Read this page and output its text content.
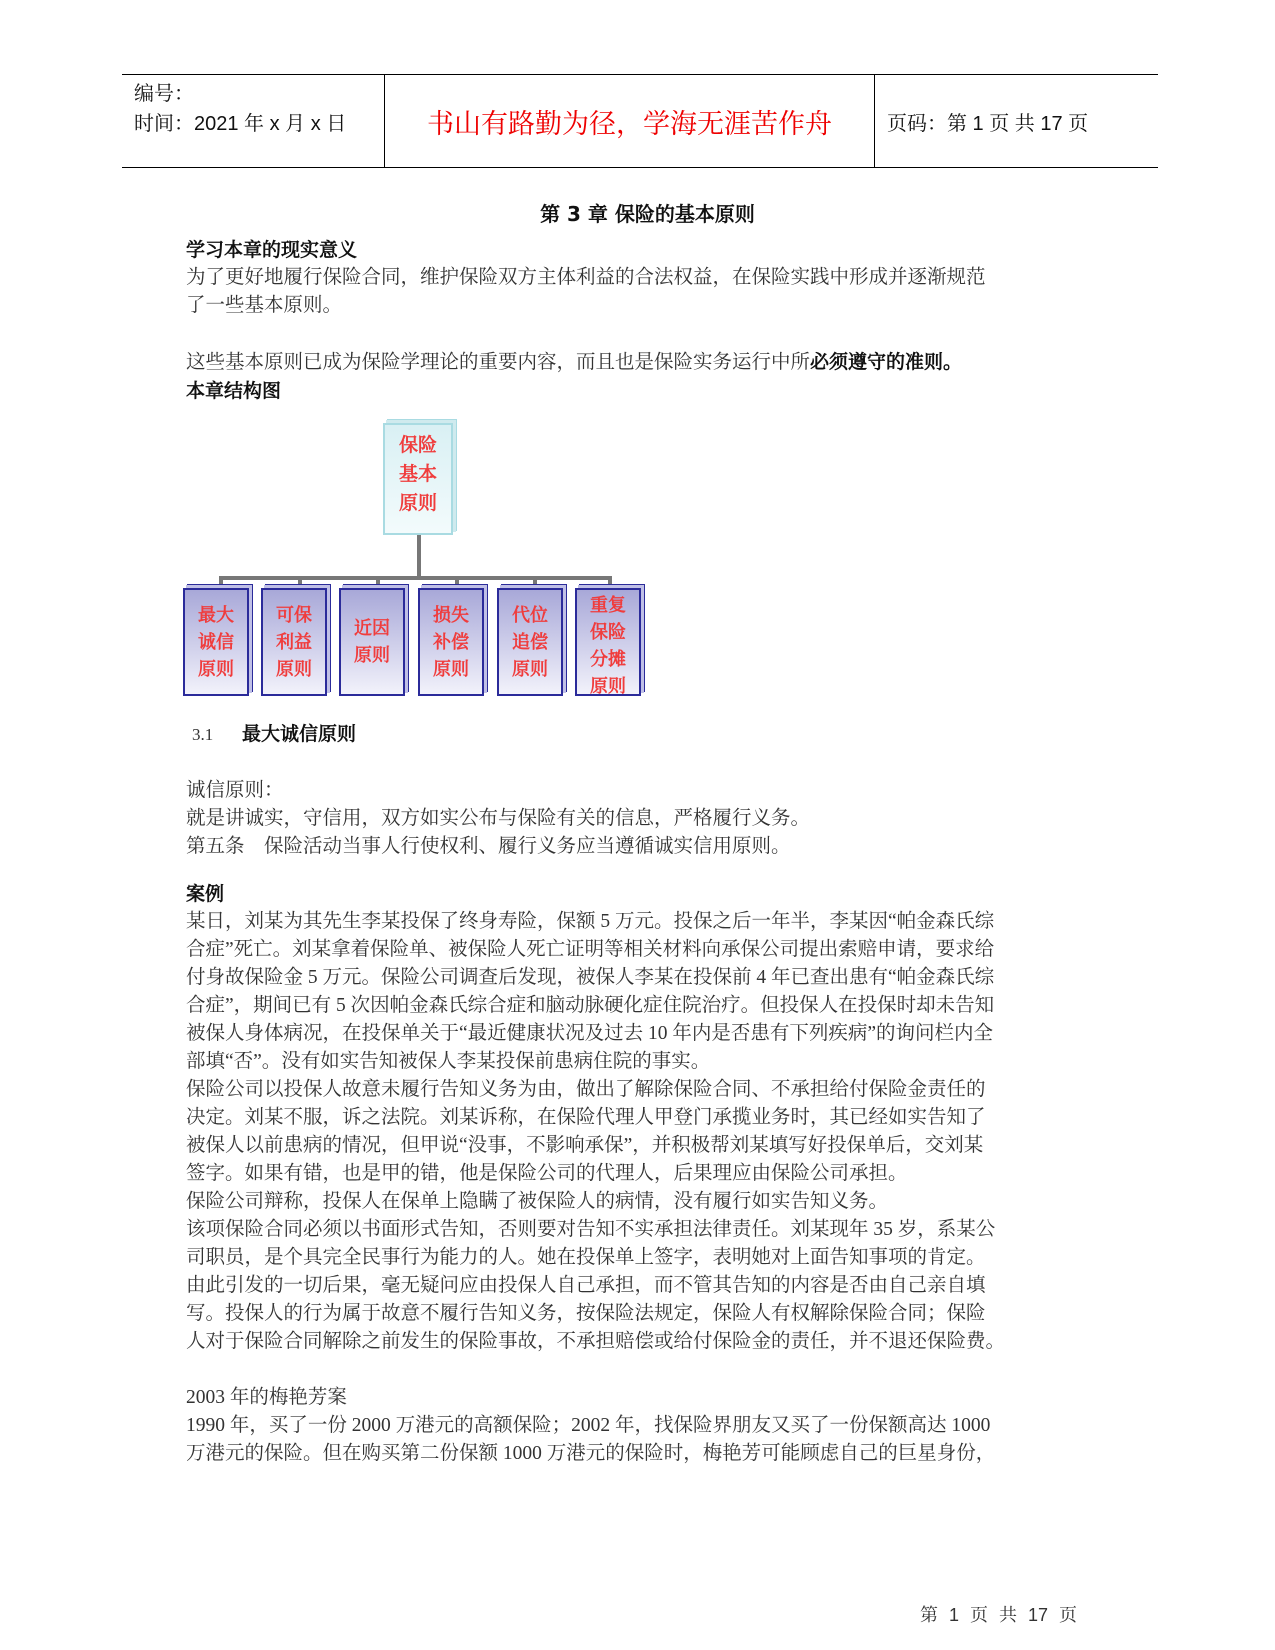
编号：
时间：2021 年 x 月 x 日	书山有路勤为径，学海无涯苦作舟	页码：第 1 页 共 17 页
第 3 章 保险的基本原则
学习本章的现实意义
为了更好地履行保险合同，维护保险双方主体利益的合法权益，在保险实践中形成并逐渐规范
了一些基本原则。
这些基本原则已成为保险学理论的重要内容，而且也是保险实务运行中所必须遵守的准则。
本章结构图
保险
基本
原则
最大
诚信
原则
可保
利益
原则
近因
原则
损失
补偿
原则
代位
追偿
原则
重复
保险
分摊
原则
3.1 最大诚信原则
诚信原则：
就是讲诚实，守信用，双方如实公布与保险有关的信息，严格履行义务。
第五条    保险活动当事人行使权利、履行义务应当遵循诚实信用原则。
案例
某日，刘某为其先生李某投保了终身寿险，保额 5 万元。投保之后一年半，李某因“帕金森氏综
合症”死亡。刘某拿着保险单、被保险人死亡证明等相关材料向承保公司提出索赔申请，要求给
付身故保险金 5 万元。保险公司调查后发现，被保人李某在投保前 4 年已查出患有“帕金森氏综
合症”，期间已有 5 次因帕金森氏综合症和脑动脉硬化症住院治疗。但投保人在投保时却未告知
被保人身体病况，在投保单关于“最近健康状况及过去 10 年内是否患有下列疾病”的询问栏内全
部填“否”。没有如实告知被保人李某投保前患病住院的事实。
保险公司以投保人故意未履行告知义务为由，做出了解除保险合同、不承担给付保险金责任的
决定。刘某不服，诉之法院。刘某诉称，在保险代理人甲登门承揽业务时，其已经如实告知了
被保人以前患病的情况，但甲说“没事，不影响承保”，并积极帮刘某填写好投保单后，交刘某
签字。如果有错，也是甲的错，他是保险公司的代理人，后果理应由保险公司承担。
保险公司辩称，投保人在保单上隐瞒了被保险人的病情，没有履行如实告知义务。
该项保险合同必须以书面形式告知，否则要对告知不实承担法律责任。刘某现年 35 岁，系某公
司职员，是个具完全民事行为能力的人。她在投保单上签字，表明她对上面告知事项的肯定。
由此引发的一切后果，毫无疑问应由投保人自己承担，而不管其告知的内容是否由自己亲自填
写。投保人的行为属于故意不履行告知义务，按保险法规定，保险人有权解除保险合同；保险
人对于保险合同解除之前发生的保险事故，不承担赔偿或给付保险金的责任，并不退还保险费。
2003 年的梅艳芳案
1990 年，买了一份 2000 万港元的高额保险；2002 年，找保险界朋友又买了一份保额高达 1000
万港元的保险。但在购买第二份保额 1000 万港元的保险时，梅艳芳可能顾虑自己的巨星身份，
第 1 页 共 17 页
